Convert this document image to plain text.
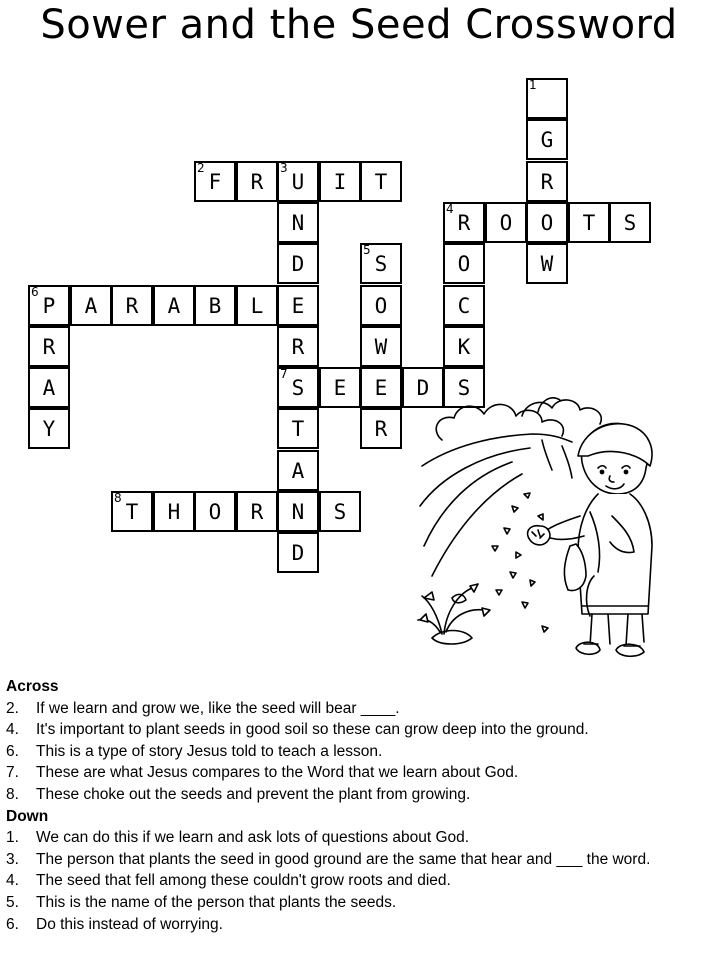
Sower and the Seed Crossword
1
G
2
F	R
3
U	I	T	R
N
4
R	O	O	T	S
D
5
S	O	W
6
P	A	R	A	B	L	E	O	C
R	R	W	K
A
7
S	E	E	D	S
Y	T	R
A
8
T	H	O	R	N	S
D
Across
2.	If we learn and grow we, like the seed will bear ____.
4.	It's important to plant seeds in good soil so these can grow deep into the ground.
6.	This is a type of story Jesus told to teach a lesson.
7.	These are what Jesus compares to the Word that we learn about God.
8.	These choke out the seeds and prevent the plant from growing.
Down
1.	We can do this if we learn and ask lots of questions about God.
3.	The person that plants the seed in good ground are the same that hear and ___ the word.
4.	The seed that fell among these couldn't grow roots and died.
5.	This is the name of the person that plants the seeds.
6.	Do this instead of worrying.
